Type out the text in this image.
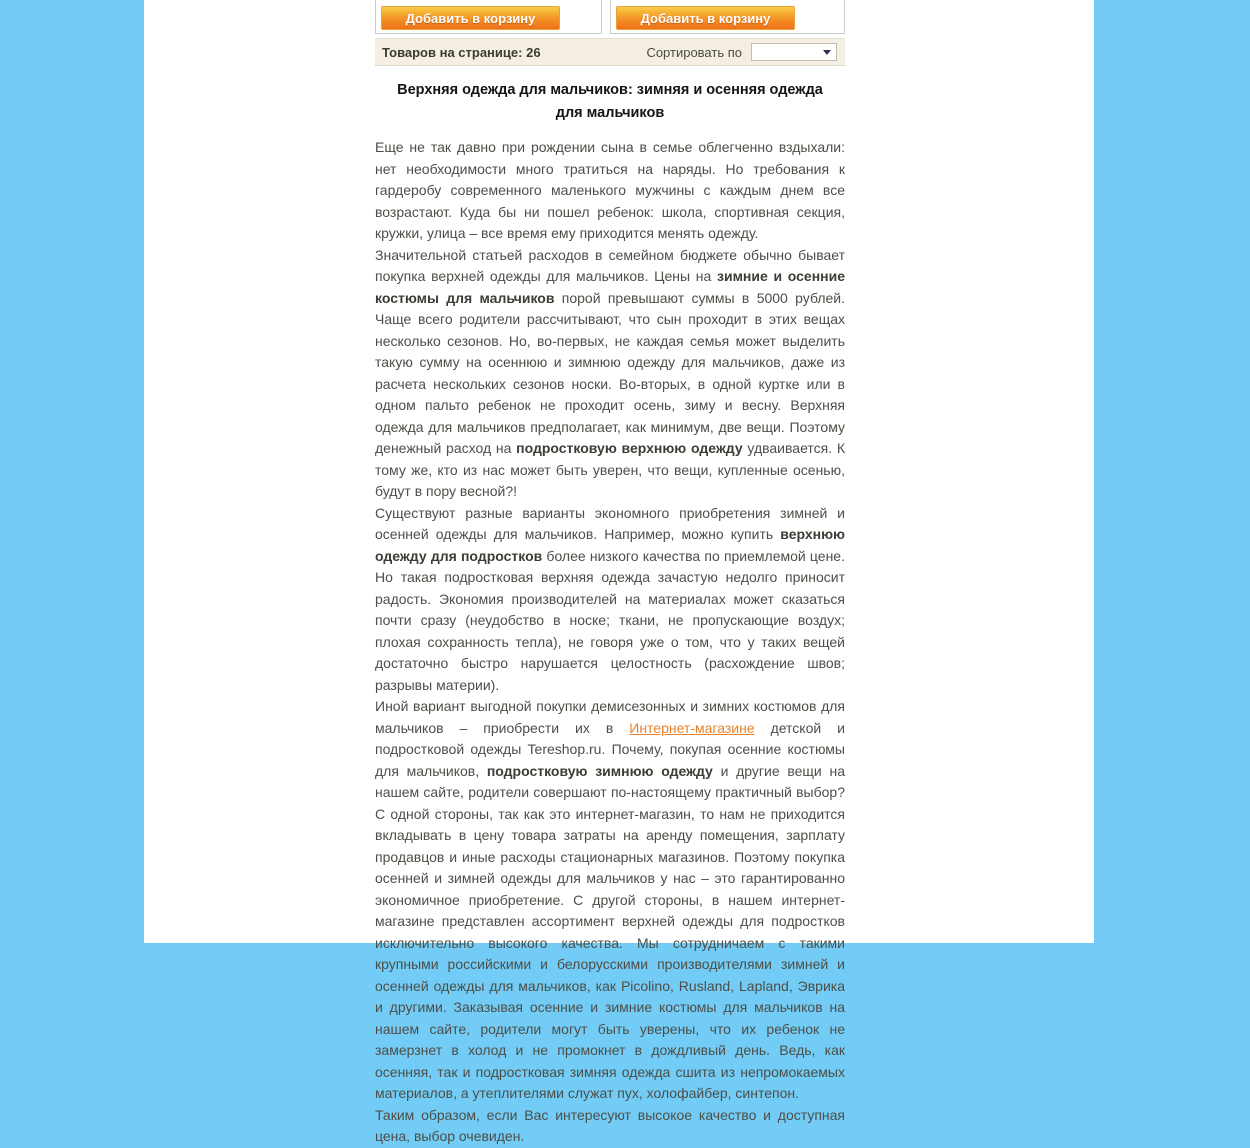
Добавить в корзину	Добавить в корзину
Товаров на странице: 26	Сортировать по
Верхняя одежда для мальчиков: зимняя и осенняя одежда для мальчиков

Еще не так давно при рождении сына в семье облегченно вздыхали: нет необходимости много тратиться на наряды. Но требования к гардеробу современного маленького мужчины с каждым днем все возрастают. Куда бы ни пошел ребенок: школа, спортивная секция, кружки, улица – все время ему приходится менять одежду.

Значительной статьей расходов в семейном бюджете обычно бывает покупка верхней одежды для мальчиков. Цены на зимние и осенние костюмы для мальчиков порой превышают суммы в 5000 рублей. Чаще всего родители рассчитывают, что сын проходит в этих вещах несколько сезонов. Но, во-первых, не каждая семья может выделить такую сумму на осеннюю и зимнюю одежду для мальчиков, даже из расчета нескольких сезонов носки. Во-вторых, в одной куртке или в одном пальто ребенок не проходит осень, зиму и весну. Верхняя одежда для мальчиков предполагает, как минимум, две вещи. Поэтому денежный расход на подростковую верхнюю одежду удваивается. К тому же, кто из нас может быть уверен, что вещи, купленные осенью, будут в пору весной?!

Существуют разные варианты экономного приобретения зимней и осенней одежды для мальчиков. Например, можно купить верхнюю одежду для подростков более низкого качества по приемлемой цене. Но такая подростковая верхняя одежда зачастую недолго приносит радость. Экономия производителей на материалах может сказаться почти сразу (неудобство в носке; ткани, не пропускающие воздух; плохая сохранность тепла), не говоря уже о том, что у таких вещей достаточно быстро нарушается целостность (расхождение швов; разрывы материи).

Иной вариант выгодной покупки демисезонных и зимних костюмов для мальчиков – приобрести их в Интернет-магазине детской и подростковой одежды Tereshop.ru. Почему, покупая осенние костюмы для мальчиков, подростковую зимнюю одежду и другие вещи на нашем сайте, родители совершают по-настоящему практичный выбор? С одной стороны, так как это интернет-магазин, то нам не приходится вкладывать в цену товара затраты на аренду помещения, зарплату продавцов и иные расходы стационарных магазинов. Поэтому покупка осенней и зимней одежды для мальчиков у нас – это гарантированно экономичное приобретение. С другой стороны, в нашем интернет-магазине представлен ассортимент верхней одежды для подростков исключительно высокого качества. Мы сотрудничаем с такими крупными российскими и белорусскими производителями зимней и осенней одежды для мальчиков, как Picolino, Rusland, Lapland, Эврика и другими. Заказывая осенние и зимние костюмы для мальчиков на нашем сайте, родители могут быть уверены, что их ребенок не замерзнет в холод и не промокнет в дождливый день. Ведь, как осенняя, так и подростковая зимняя одежда сшита из непромокаемых материалов, а утеплителями служат пух, холофайбер, синтепон.

Таким образом, если Вас интересуют высокое качество и доступная цена, выбор очевиден.
